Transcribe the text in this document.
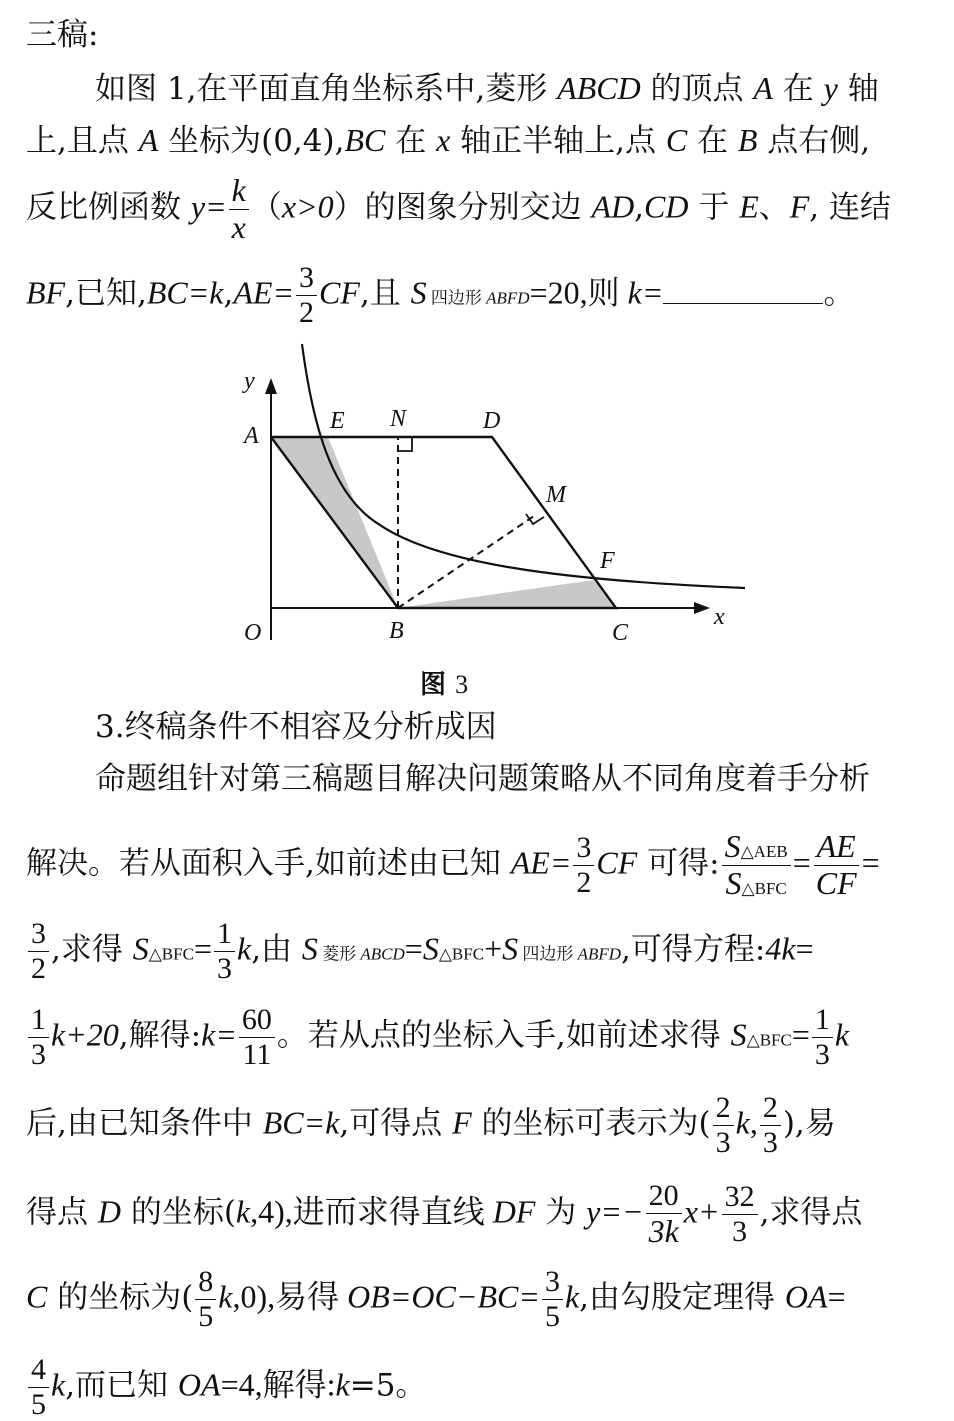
三稿:
如图 1,在平面直角坐标系中,菱形 ABCD 的顶点 A 在 y 轴
上,且点 A 坐标为(0,4),BC 在 x 轴正半轴上,点 C 在 B 点右侧,
反比例函数 $y= \frac{k}{x} (x>0)$的图象分别交边 AD,CD 于 E、F, 连结
BF,已知$,BC=k,AE= \frac{3}{2}$ CF,且 S 四边形 ABFD=20,则 k=	。
y
A
E N	D
M
F
O	B	C
x
图 3
3.终稿条件不相容及分析成因
命题组针对第三稿题目解决问题策略从不同角度着手分析
解决。若从面积入手,如前述由已知 $AE= \frac{3}{2}$ CF 可得: $\frac{\text{S△AEB}}{\text{S△BFC}} = \frac{AE}{CF}$ =
$\frac{3}{2}$ ,求得 S△BFC= $\frac{1}{3} k$,由 S 菱形 ABCD=S△BFC+S 四边形 ABFD,可得方程:4k=
$\frac{1}{3} k+20$,解得:k= $\frac{60}{11}$ 。若从点的坐标入手,如前述求得 S△BFC= $\frac{1}{3}$ k
后,由已知条件中 BC=k,可得点 F 的坐标可表示为( $\frac{2}{3} k$, $\frac{2}{3}$ ),易
得点 D 的坐标(k,4),进而求得直线 DF 为 $y=- \frac{20}{3k} x+ \frac{32}{3}$ ,求得点
C 的坐标为( $\frac{8}{5} k,0$),易得 $OB=OC-BC= \frac{3}{5} k$,由勾股定理得 OA=
$\frac{4}{5} k$,而已知 OA=4,解得:k=5。
